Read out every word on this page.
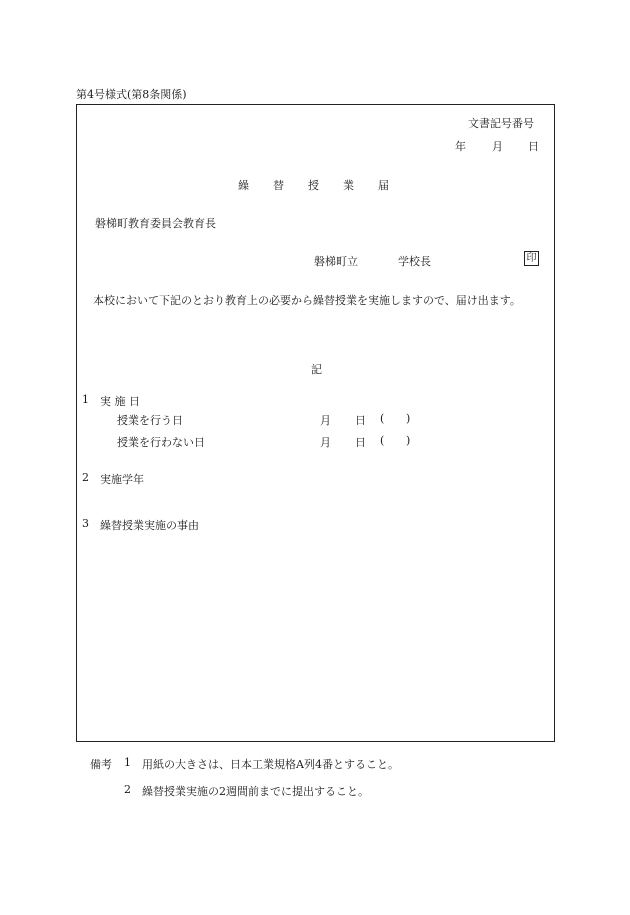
第4号様式(第8条関係)
文書記号番号
年 月 日
繰 替 授 業 届
磐梯町教育委員会教育長
磐梯町立	学校長	印
　本校において下記のとおり教育上の必要から繰替授業を実施しますので、届け出ます。
記
1 実 施 日
授業を行う日	月 日 ( )
授業を行わない日	月 日 ( )
2 実施学年
3 繰替授業実施の事由
備考 1 用紙の大きさは、日本工業規格A列4番とすること。
2 繰替授業実施の2週間前までに提出すること。
